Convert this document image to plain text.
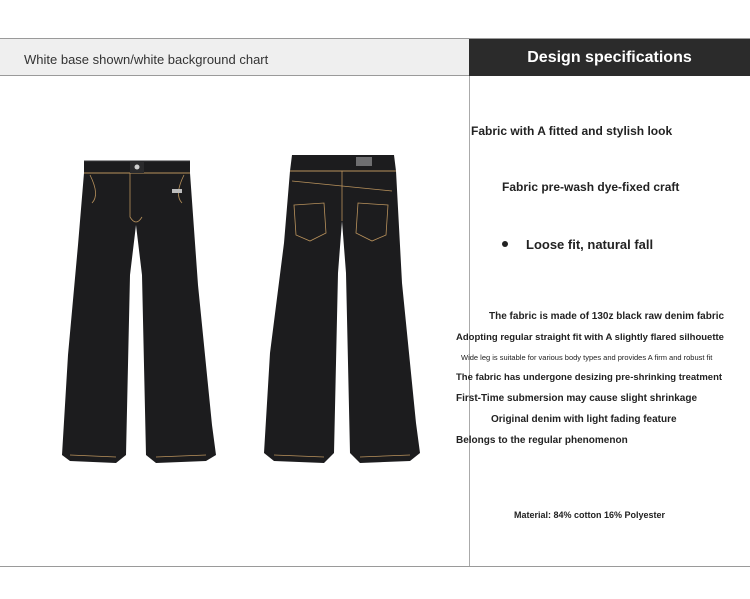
White base shown/white background chart	Design specifications
Fabric with A fitted and stylish look
Fabric pre-wash dye-fixed craft
Loose fit, natural fall
The fabric is made of 130z black raw denim fabric
Adopting regular straight fit with A slightly flared silhouette
Wide leg is suitable for various body types and provides A firm and robust fit
The fabric has undergone desizing pre-shrinking treatment
First-Time submersion may cause slight shrinkage
Original denim with light fading feature
Belongs to the regular phenomenon
Material: 84% cotton 16% Polyester
